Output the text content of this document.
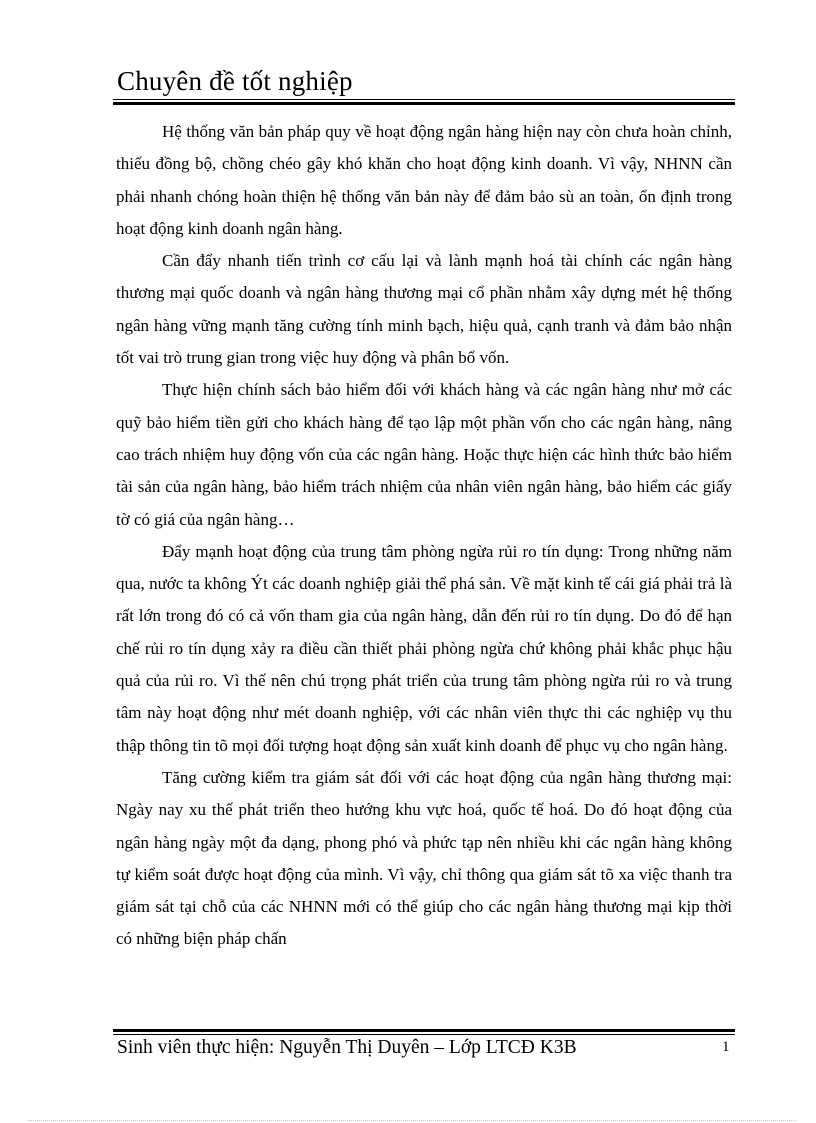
Chuyên đề tốt nghiệp

Hệ thống văn bản pháp quy về hoạt động ngân hàng hiện nay còn chưa hoàn chỉnh, thiếu đồng bộ, chồng chéo gây khó khăn cho hoạt động kinh doanh. Vì vậy, NHNN cần phải nhanh chóng hoàn thiện hệ thống văn bản này để đảm bảo sù an toàn, ổn định trong hoạt động kinh doanh ngân hàng.

Cần đẩy nhanh tiến trình cơ cấu lại và lành mạnh hoá tài chính các ngân hàng thương mại quốc doanh và ngân hàng thương mại cổ phần nhằm xây dựng mét hệ thống ngân hàng vững mạnh tăng cường tính minh bạch, hiệu quả, cạnh tranh và đảm bảo nhận tốt vai trò trung gian trong việc huy động và phân bổ vốn.

Thực hiện chính sách bảo hiểm đối với khách hàng và các ngân hàng như mở các quỹ bảo hiểm tiền gửi cho khách hàng để tạo lập một phần vốn cho các ngân hàng, nâng cao trách nhiệm huy động vốn của các ngân hàng. Hoặc thực hiện các hình thức bảo hiểm tài sản của ngân hàng, bảo hiểm trách nhiệm của nhân viên ngân hàng, bảo hiểm các giấy tờ có giá của ngân hàng…

Đẩy mạnh hoạt động của trung tâm phòng ngừa rủi ro tín dụng: Trong những năm qua, nước ta không Ýt các doanh nghiệp giải thể phá sản. Về mặt kinh tế cái giá phải trả là rất lớn trong đó có cả vốn tham gia của ngân hàng, dẫn đến rủi ro tín dụng. Do đó để hạn chế rủi ro tín dụng xảy ra điều cần thiết phải phòng ngừa chứ không phải khắc phục hậu quả của rủi ro. Vì thế nên chú trọng phát triển của trung tâm phòng ngừa rủi ro và trung tâm này hoạt động như mét doanh nghiệp, với các nhân viên thực thi các nghiệp vụ thu thập thông tin tõ mọi đối tượng hoạt động sản xuất kinh doanh để phục vụ cho ngân hàng.

Tăng cường kiểm tra giám sát đối với các hoạt động của ngân hàng thương mại: Ngày nay xu thế phát triển theo hướng khu vực hoá, quốc tế hoá. Do đó hoạt động của ngân hàng ngày một đa dạng, phong phó và phức tạp nên nhiều khi các ngân hàng không tự kiểm soát được hoạt động của mình. Vì vậy, chỉ thông qua giám sát tõ xa việc thanh tra giám sát tại chỗ của các NHNN mới có thể giúp cho các ngân hàng thương mại kịp thời có những biện pháp chấn

Sinh viên thực hiện: Nguyễn Thị Duyên – Lớp LTCĐ K3B	1
